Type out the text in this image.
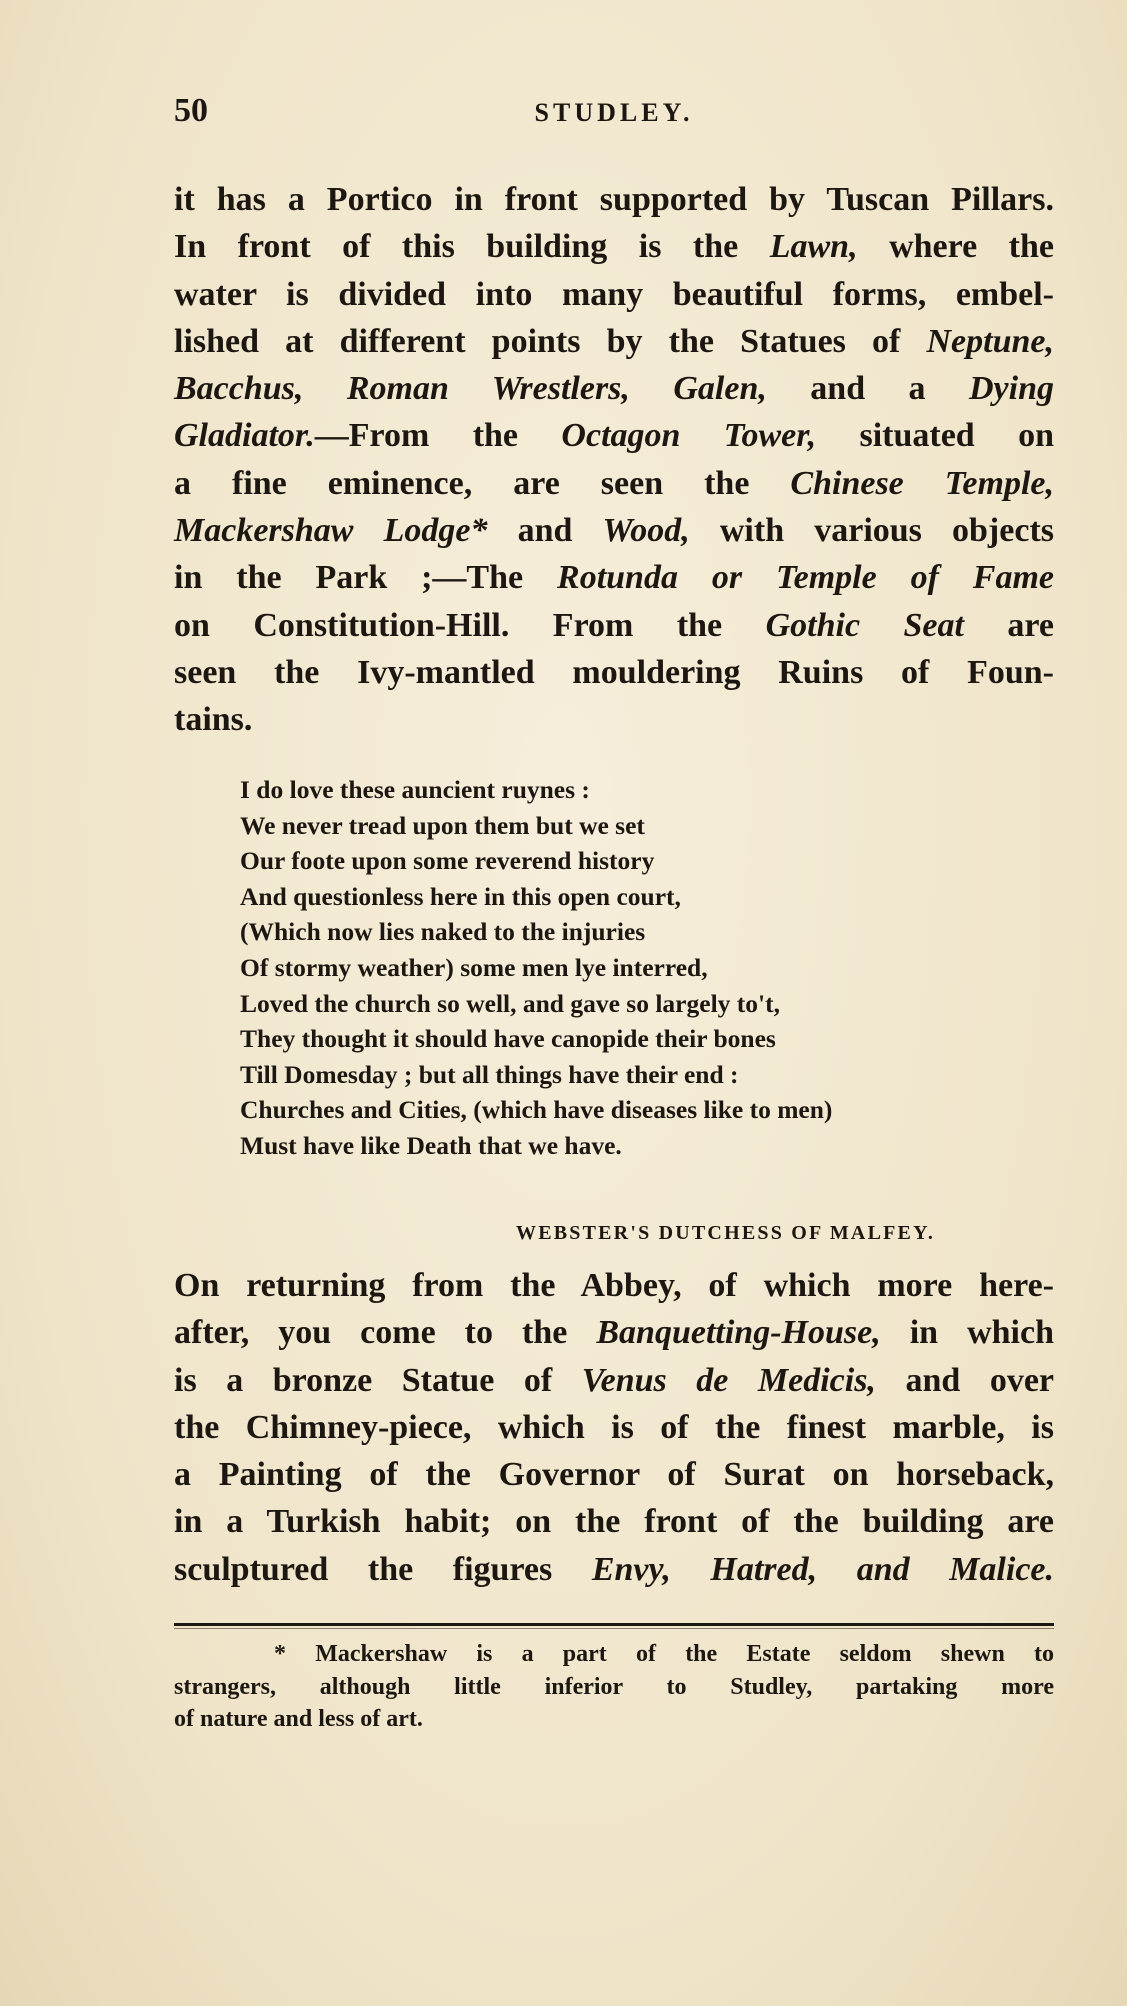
50	STUDLEY.
it has a Portico in front supported by Tuscan Pillars.
In front of this building is the Lawn, where the
water is divided into many beautiful forms, embel-
lished at different points by the Statues of Neptune,
Bacchus, Roman Wrestlers, Galen, and a Dying
Gladiator.—From the Octagon Tower, situated on
a fine eminence, are seen the Chinese Temple,
Mackershaw Lodge* and Wood, with various objects
in the Park ;—The Rotunda or Temple of Fame
on Constitution-Hill. From the Gothic Seat are
seen the Ivy-mantled mouldering Ruins of Foun-
tains.
I do love these auncient ruynes :
We never tread upon them but we set
Our foote upon some reverend history
And questionless here in this open court,
(Which now lies naked to the injuries
Of stormy weather) some men lye interred,
Loved the church so well, and gave so largely to't,
They thought it should have canopide their bones
Till Domesday ; but all things have their end :
Churches and Cities, (which have diseases like to men)
Must have like Death that we have.
WEBSTER'S DUTCHESS OF MALFEY.
On returning from the Abbey, of which more here-
after, you come to the Banquetting-House, in which
is a bronze Statue of Venus de Medicis, and over
the Chimney-piece, which is of the finest marble, is
a Painting of the Governor of Surat on horseback,
in a Turkish habit; on the front of the building are
sculptured the figures Envy, Hatred, and Malice.
* Mackershaw is a part of the Estate seldom shewn to
strangers, although little inferior to Studley, partaking more
of nature and less of art.
